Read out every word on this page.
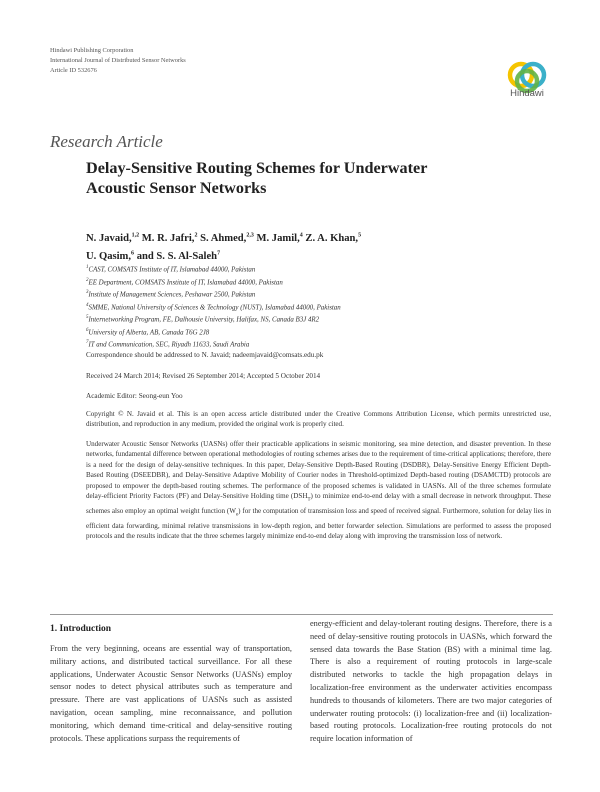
Hindawi Publishing Corporation
International Journal of Distributed Sensor Networks
Article ID 532676
Hindawi
Research Article
Delay-Sensitive Routing Schemes for Underwater
Acoustic Sensor Networks
N. Javaid,$^{1,2}$ M. R. Jafri,$^2$ S. Ahmed,$^{2,3}$ M. Jamil,$^4$ Z. A. Khan,$^5$
U. Qasim,$^6$ and S. S. Al-Saleh$^7$
$^1$CAST, COMSATS Institute of IT, Islamabad 44000, Pakistan
$^2$EE Department, COMSATS Institute of IT, Islamabad 44000, Pakistan
$^3$Institute of Management Sciences, Peshawar 2500, Pakistan
$^4$SMME, National University of Sciences & Technology (NUST), Islamabad 44000, Pakistan
$^5$Internetworking Program, FE, Dalhousie University, Halifax, NS, Canada B3J 4R2
$^6$University of Alberta, AB, Canada T6G 2J8
$^7$IT and Communication, SEC, Riyadh 11633, Saudi Arabia
Correspondence should be addressed to N. Javaid; nadeemjavaid@comsats.edu.pk
Received 24 March 2014; Revised 26 September 2014; Accepted 5 October 2014
Academic Editor: Seong-eun Yoo
Copyright © N. Javaid et al. This is an open access article distributed under the Creative Commons Attribution License, which permits unrestricted use, distribution, and reproduction in any medium, provided the original work is properly cited.
Underwater Acoustic Sensor Networks (UASNs) offer their practicable applications in seismic monitoring, sea mine detection, and disaster prevention. In these networks, fundamental difference between operational methodologies of routing schemes arises due to the requirement of time-critical applications; therefore, there is a need for the design of delay-sensitive techniques. In this paper, Delay-Sensitive Depth-Based Routing (DSDBR), Delay-Sensitive Energy Efficient Depth-Based Routing (DSEEDBR), and Delay-Sensitive Adaptive Mobility of Courier nodes in Threshold-optimized Depth-based routing (DSAMCTD) protocols are proposed to empower the depth-based routing schemes. The performance of the proposed schemes is validated in UASNs. All of the three schemes formulate delay-efficient Priority Factors (PF) and Delay-Sensitive Holding time $(DSH_T)$ to minimize end-to-end delay with a small decrease in network throughput. These schemes also employ an optimal weight function $(W_e)$ for the computation of transmission loss and speed of received signal. Furthermore, solution for delay lies in efficient data forwarding, minimal relative transmissions in low-depth region, and better forwarder selection. Simulations are performed to assess the proposed protocols and the results indicate that the three schemes largely minimize end-to-end delay along with improving the transmission loss of network.
1. Introduction
From the very beginning, oceans are essential way of transportation, military actions, and distributed tactical surveillance. For all these applications, Underwater Acoustic Sensor Networks (UASNs) employ sensor nodes to detect physical attributes such as temperature and pressure. There are vast applications of UASNs such as assisted navigation, ocean sampling, mine reconnaissance, and pollution monitoring, which demand time-critical and delay-sensitive routing protocols. These applications surpass the requirements of
energy-efficient and delay-tolerant routing designs. Therefore, there is a need of delay-sensitive routing protocols in UASNs, which forward the sensed data towards the Base Station (BS) with a minimal time lag. There is also a requirement of routing protocols in large-scale distributed networks to tackle the high propagation delays in localization-free environment as the underwater activities encompass hundreds to thousands of kilometers. There are two major categories of underwater routing protocols: (i) localization-free and (ii) localization-based routing protocols. Localization-free routing protocols do not require location information of
